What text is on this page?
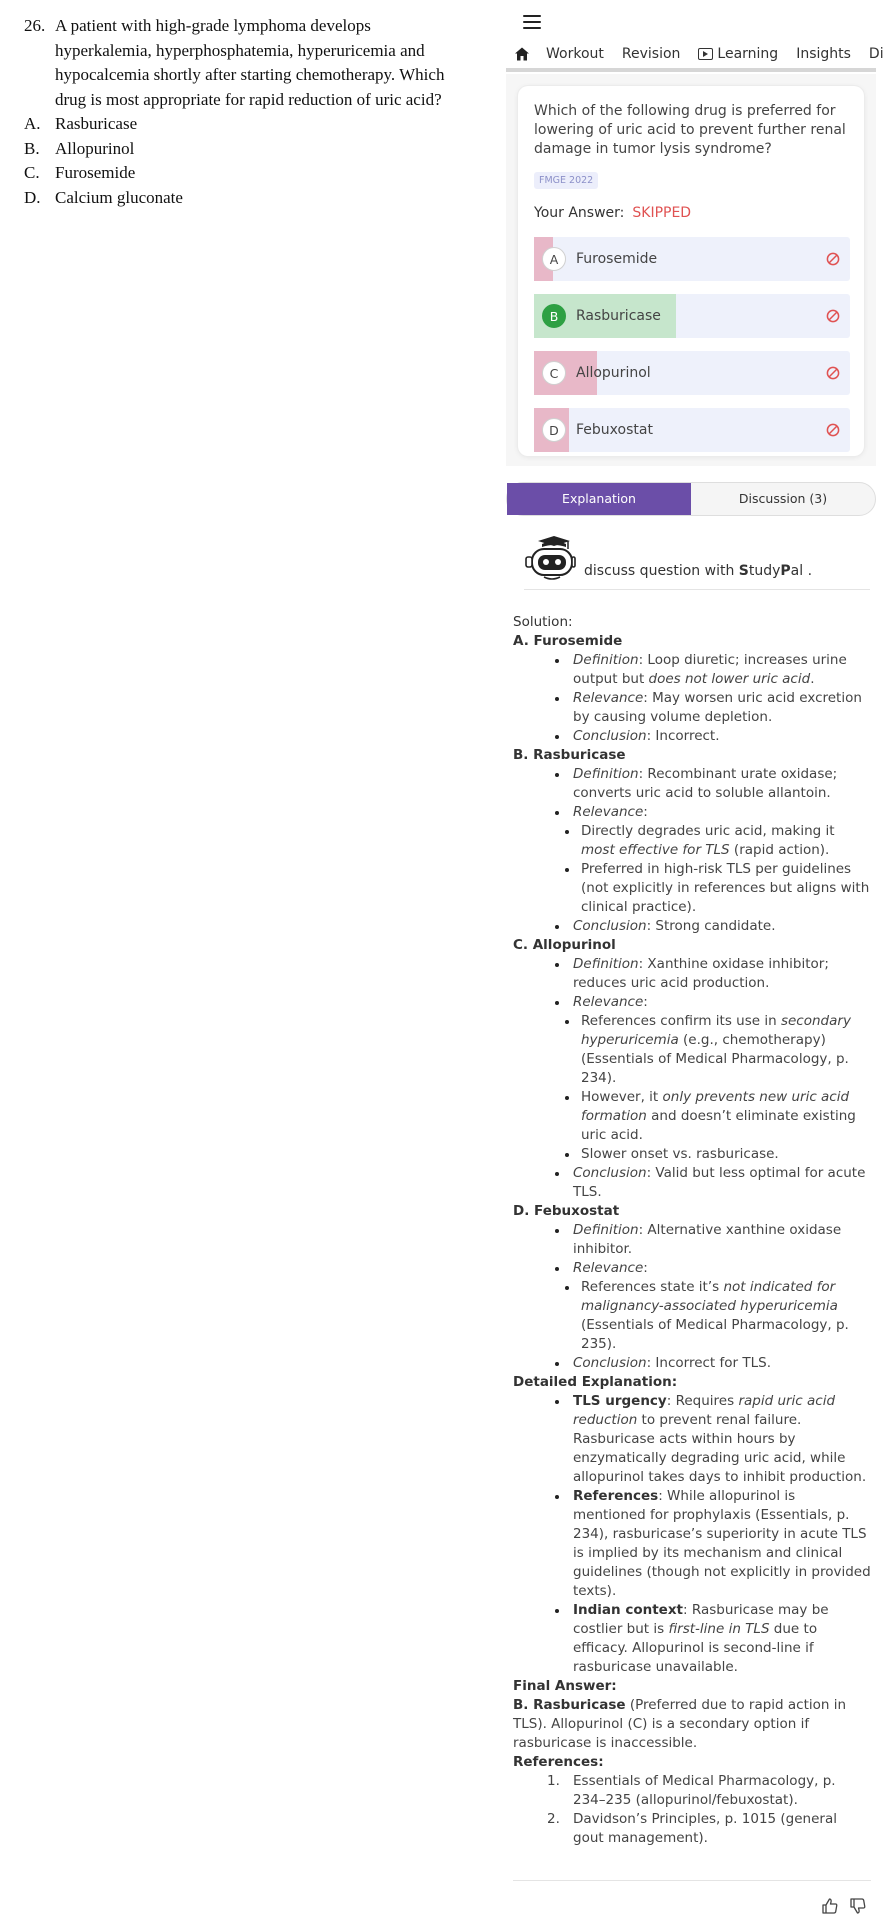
26. A patient with high-grade lymphoma develops hyperkalemia, hyperphosphatemia, hyperuricemia and hypocalcemia shortly after starting chemotherapy. Which drug is most appropriate for rapid reduction of uric acid?
A. Rasburicase
B. Allopurinol
C. Furosemide
D. Calcium gluconate
Workout	Revision	Learning	Insights	Di
Which of the following drug is preferred for lowering of uric acid to prevent further renal damage in tumor lysis syndrome?
FMGE 2022
Your Answer: SKIPPED
A	Furosemide
B	Rasburicase
C	Allopurinol
D	Febuxostat
Explanation	Discussion (3)
discuss question with StudyPal .
Solution:
A. Furosemide
Definition: Loop diuretic; increases urine output but does not lower uric acid.
Relevance: May worsen uric acid excretion by causing volume depletion.
Conclusion: Incorrect.
B. Rasburicase
Definition: Recombinant urate oxidase; converts uric acid to soluble allantoin.
Relevance:
Directly degrades uric acid, making it most effective for TLS (rapid action).
Preferred in high-risk TLS per guidelines (not explicitly in references but aligns with clinical practice).
Conclusion: Strong candidate.
C. Allopurinol
Definition: Xanthine oxidase inhibitor; reduces uric acid production.
Relevance:
References confirm its use in secondary hyperuricemia (e.g., chemotherapy) (Essentials of Medical Pharmacology, p. 234).
However, it only prevents new uric acid formation and doesn’t eliminate existing uric acid.
Slower onset vs. rasburicase.
Conclusion: Valid but less optimal for acute TLS.
D. Febuxostat
Definition: Alternative xanthine oxidase inhibitor.
Relevance:
References state it’s not indicated for malignancy-associated hyperuricemia (Essentials of Medical Pharmacology, p. 235).
Conclusion: Incorrect for TLS.
Detailed Explanation:
TLS urgency: Requires rapid uric acid reduction to prevent renal failure. Rasburicase acts within hours by enzymatically degrading uric acid, while allopurinol takes days to inhibit production.
References: While allopurinol is mentioned for prophylaxis (Essentials, p. 234), rasburicase’s superiority in acute TLS is implied by its mechanism and clinical guidelines (though not explicitly in provided texts).
Indian context: Rasburicase may be costlier but is first-line in TLS due to efficacy. Allopurinol is second-line if rasburicase unavailable.
Final Answer:
B. Rasburicase (Preferred due to rapid action in TLS). Allopurinol (C) is a secondary option if rasburicase is inaccessible.
References:
1. Essentials of Medical Pharmacology, p. 234–235 (allopurinol/febuxostat).
2. Davidson’s Principles, p. 1015 (general gout management).
